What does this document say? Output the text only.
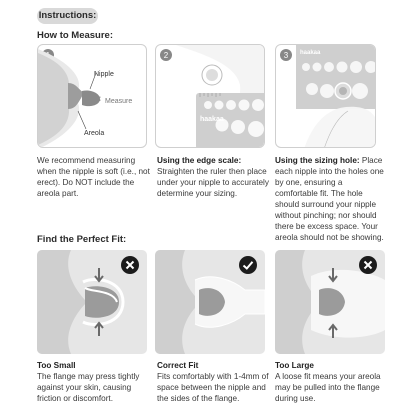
Instructions:
How to Measure:
Nipple
Measure
Areola
We recommend measuring when the nipple is soft (i.e., not erect). Do NOT include the areola part.
2
haakaa
Using the edge scale: Straighten the ruler then place under your nipple to accurately determine your sizing.
3 haakaa
Using the sizing hole: Place each nipple into the holes one by one, ensuring a comfortable fit. The hole should surround your nipple without pinching; nor should there be excess space. Your areola should not be showing.
Find the Perfect Fit:
Too Small
The flange may press tightly against your skin, causing friction or discomfort.
Correct Fit
Fits comfortably with 1-4mm of space between the nipple and the sides of the flange.
Too Large
A loose fit means your areola may be pulled into the flange during use.
